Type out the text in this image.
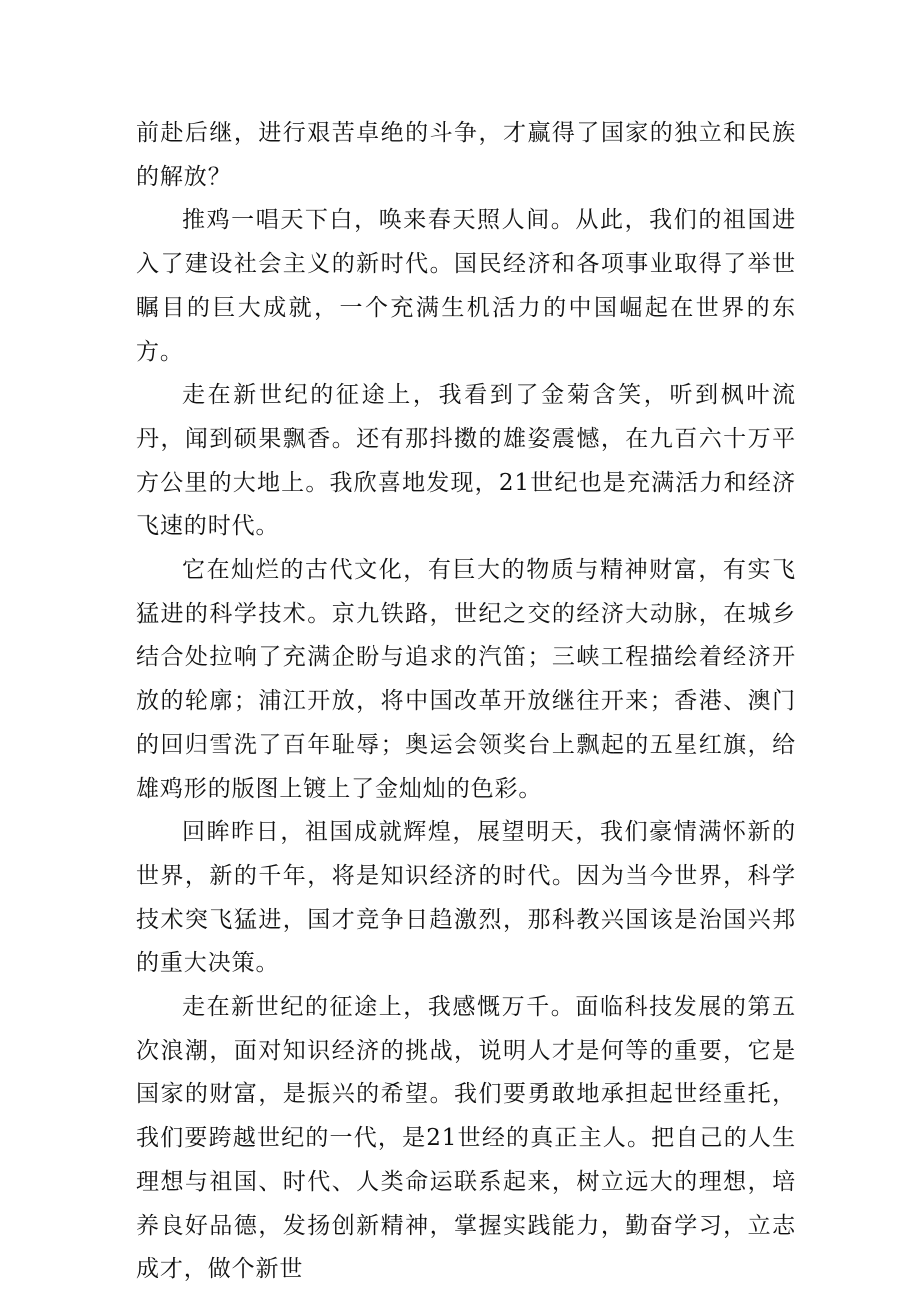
前赴后继，进行艰苦卓绝的斗争，才赢得了国家的独立和民族的解放？

推鸡一唱天下白，唤来春天照人间。从此，我们的祖国进入了建设社会主义的新时代。国民经济和各项事业取得了举世瞩目的巨大成就，一个充满生机活力的中国崛起在世界的东方。

走在新世纪的征途上，我看到了金菊含笑，听到枫叶流丹，闻到硕果飘香。还有那抖擞的雄姿震憾，在九百六十万平方公里的大地上。我欣喜地发现，21世纪也是充满活力和经济飞速的时代。

它在灿烂的古代文化，有巨大的物质与精神财富，有实飞猛进的科学技术。京九铁路，世纪之交的经济大动脉，在城乡结合处拉响了充满企盼与追求的汽笛；三峡工程描绘着经济开放的轮廓；浦江开放，将中国改革开放继往开来；香港、澳门的回归雪洗了百年耻辱；奥运会领奖台上飘起的五星红旗，给雄鸡形的版图上镀上了金灿灿的色彩。

回眸昨日，祖国成就辉煌，展望明天，我们豪情满怀新的世界，新的千年，将是知识经济的时代。因为当今世界，科学技术突飞猛进，国才竞争日趋激烈，那科教兴国该是治国兴邦的重大决策。

走在新世纪的征途上，我感慨万千。面临科技发展的第五次浪潮，面对知识经济的挑战，说明人才是何等的重要，它是国家的财富，是振兴的希望。我们要勇敢地承担起世经重托，我们要跨越世纪的一代，是21世经的真正主人。把自己的人生理想与祖国、时代、人类命运联系起来，树立远大的理想，培养良好品德，发扬创新精神，掌握实践能力，勤奋学习，立志成才，做个新世
